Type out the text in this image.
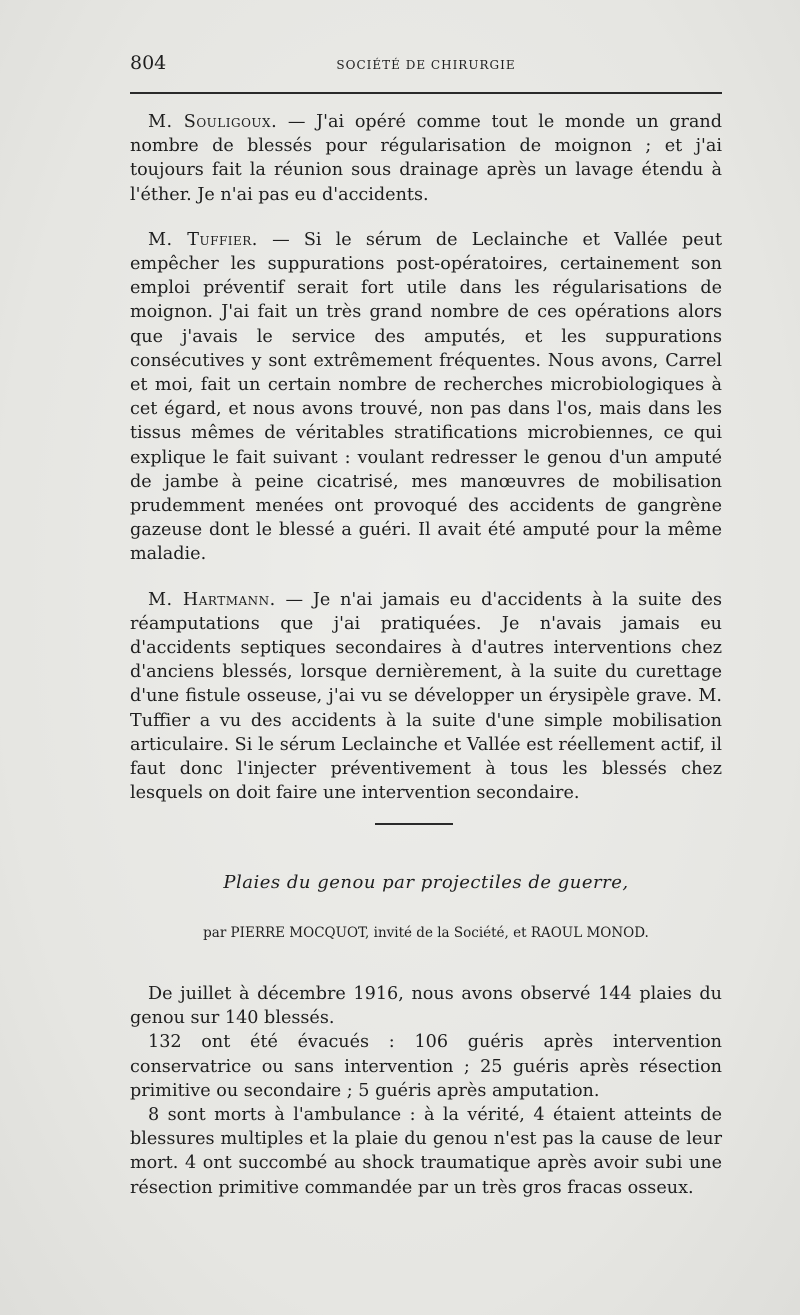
804	SOCIÉTÉ DE CHIRURGIE

M. Souligoux. — J'ai opéré comme tout le monde un grand nombre de blessés pour régularisation de moignon ; et j'ai toujours fait la réunion sous drainage après un lavage étendu à l'éther. Je n'ai pas eu d'accidents.

M. Tuffier. — Si le sérum de Leclainche et Vallée peut empêcher les suppurations post-opératoires, certainement son emploi préventif serait fort utile dans les régularisations de moignon. J'ai fait un très grand nombre de ces opérations alors que j'avais le service des amputés, et les suppurations consécutives y sont extrêmement fréquentes. Nous avons, Carrel et moi, fait un certain nombre de recherches microbiologiques à cet égard, et nous avons trouvé, non pas dans l'os, mais dans les tissus mêmes de véritables stratifications microbiennes, ce qui explique le fait suivant : voulant redresser le genou d'un amputé de jambe à peine cicatrisé, mes manœuvres de mobilisation prudemment menées ont provoqué des accidents de gangrène gazeuse dont le blessé a guéri. Il avait été amputé pour la même maladie.

M. Hartmann. — Je n'ai jamais eu d'accidents à la suite des réamputations que j'ai pratiquées. Je n'avais jamais eu d'accidents septiques secondaires à d'autres interventions chez d'anciens blessés, lorsque dernièrement, à la suite du curettage d'une fistule osseuse, j'ai vu se développer un érysipèle grave. M. Tuffier a vu des accidents à la suite d'une simple mobilisation articulaire. Si le sérum Leclainche et Vallée est réellement actif, il faut donc l'injecter préventivement à tous les blessés chez lesquels on doit faire une intervention secondaire.

Plaies du genou par projectiles de guerre,
par PIERRE MOCQUOT, invité de la Société, et RAOUL MONOD.

De juillet à décembre 1916, nous avons observé 144 plaies du genou sur 140 blessés.

132 ont été évacués : 106 guéris après intervention conservatrice ou sans intervention ; 25 guéris après résection primitive ou secondaire ; 5 guéris après amputation.

8 sont morts à l'ambulance : à la vérité, 4 étaient atteints de blessures multiples et la plaie du genou n'est pas la cause de leur mort. 4 ont succombé au shock traumatique après avoir subi une résection primitive commandée par un très gros fracas osseux.
